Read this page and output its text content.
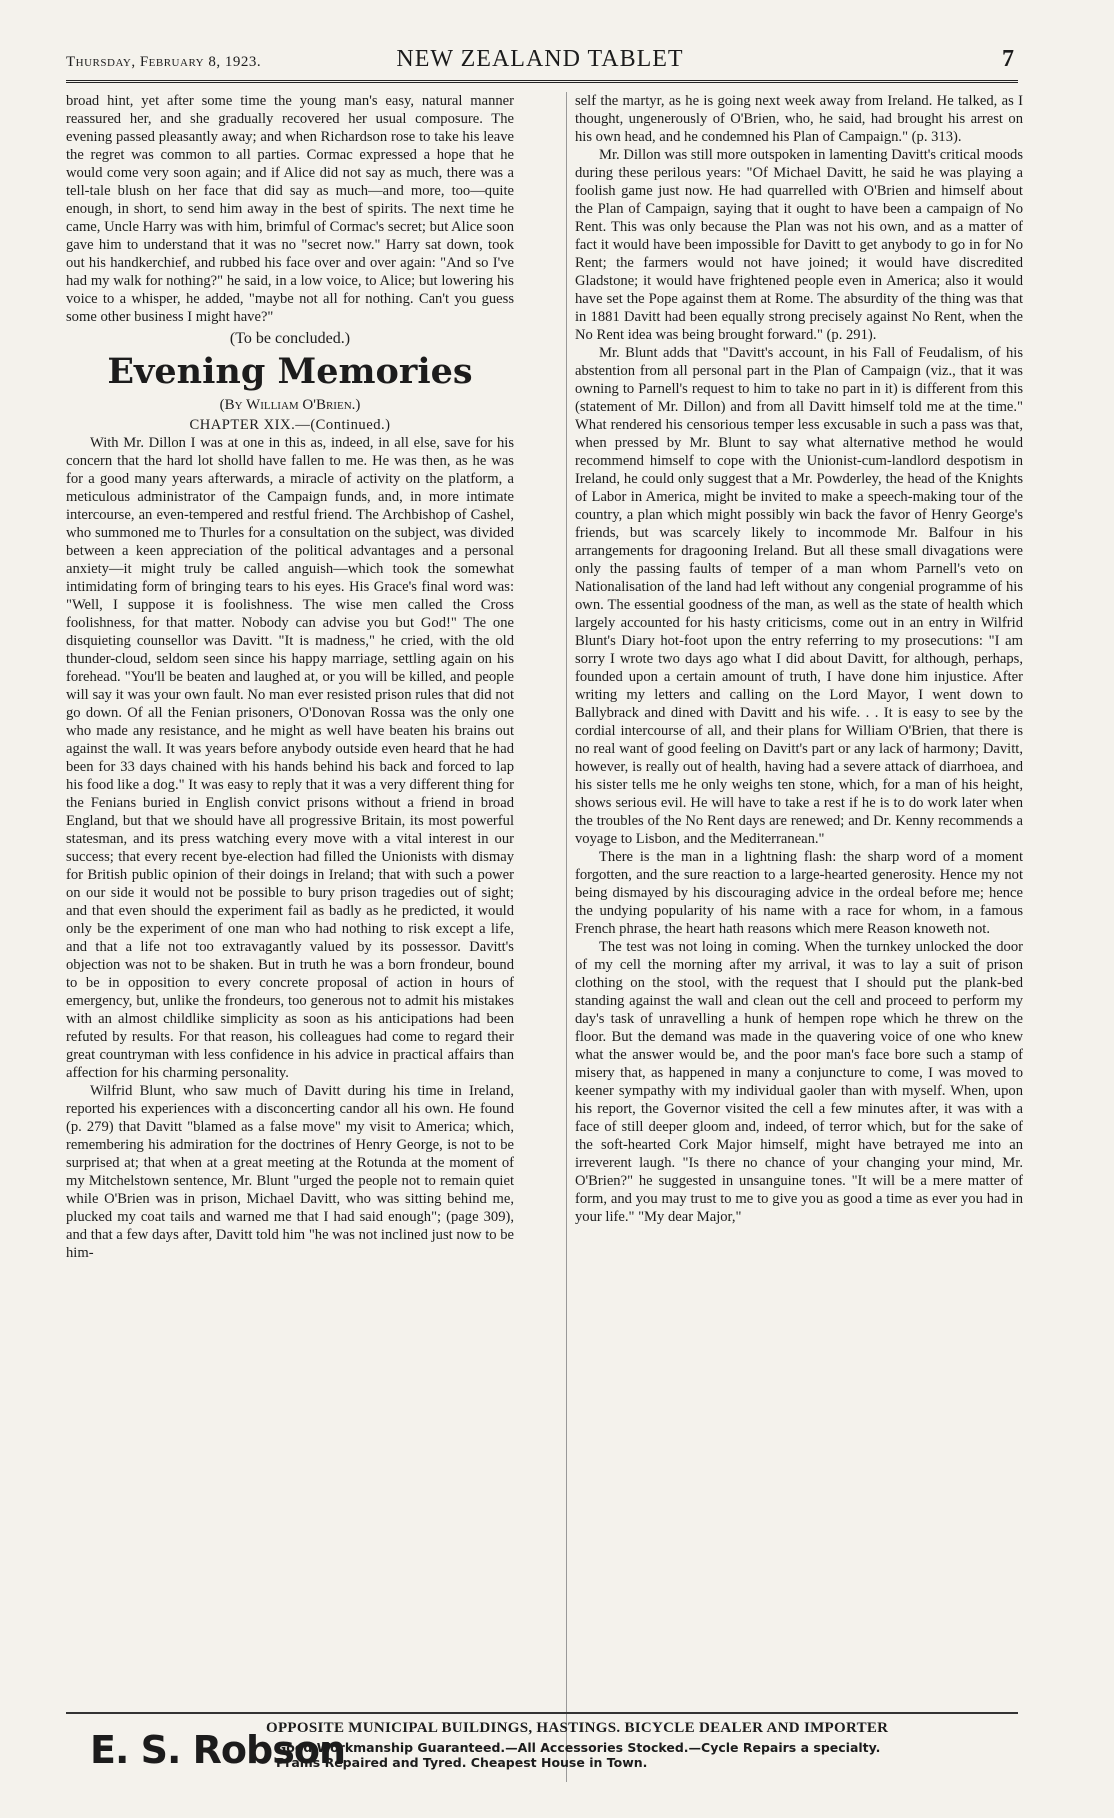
Thursday, February 8, 1923.	NEW ZEALAND TABLET	7

broad hint, yet after some time the young man's easy, natural manner reassured her, and she gradually recovered her usual composure. The evening passed pleasantly away; and when Richardson rose to take his leave the regret was common to all parties. Cormac expressed a hope that he would come very soon again; and if Alice did not say as much, there was a tell-tale blush on her face that did say as much—and more, too—quite enough, in short, to send him away in the best of spirits. The next time he came, Uncle Harry was with him, brimful of Cormac's secret; but Alice soon gave him to understand that it was no "secret now." Harry sat down, took out his handkerchief, and rubbed his face over and over again: "And so I've had my walk for nothing?" he said, in a low voice, to Alice; but lowering his voice to a whisper, he added, "maybe not all for nothing. Can't you guess some other business I might have?"

(To be concluded.)
Evening Memories
(By William O'Brien.)
CHAPTER XIX.—(Continued.)

With Mr. Dillon I was at one in this as, indeed, in all else, save for his concern that the hard lot sholld have fallen to me. He was then, as he was for a good many years afterwards, a miracle of activity on the platform, a meticulous administrator of the Campaign funds, and, in more intimate intercourse, an even-tempered and restful friend. The Archbishop of Cashel, who summoned me to Thurles for a consultation on the subject, was divided between a keen appreciation of the political advantages and a personal anxiety—it might truly be called anguish—which took the somewhat intimidating form of bringing tears to his eyes. His Grace's final word was: "Well, I suppose it is foolishness. The wise men called the Cross foolishness, for that matter. Nobody can advise you but God!" The one disquieting counsellor was Davitt. "It is madness," he cried, with the old thunder-cloud, seldom seen since his happy marriage, settling again on his forehead. "You'll be beaten and laughed at, or you will be killed, and people will say it was your own fault. No man ever resisted prison rules that did not go down. Of all the Fenian prisoners, O'Donovan Rossa was the only one who made any resistance, and he might as well have beaten his brains out against the wall. It was years before anybody outside even heard that he had been for 33 days chained with his hands behind his back and forced to lap his food like a dog." It was easy to reply that it was a very different thing for the Fenians buried in English convict prisons without a friend in broad England, but that we should have all progressive Britain, its most powerful statesman, and its press watching every move with a vital interest in our success; that every recent bye-election had filled the Unionists with dismay for British public opinion of their doings in Ireland; that with such a power on our side it would not be possible to bury prison tragedies out of sight; and that even should the experiment fail as badly as he predicted, it would only be the experiment of one man who had nothing to risk except a life, and that a life not too extravagantly valued by its possessor. Davitt's objection was not to be shaken. But in truth he was a born frondeur, bound to be in opposition to every concrete proposal of action in hours of emergency, but, unlike the frondeurs, too generous not to admit his mistakes with an almost childlike simplicity as soon as his anticipations had been refuted by results. For that reason, his colleagues had come to regard their great countryman with less confidence in his advice in practical affairs than affection for his charming personality.

Wilfrid Blunt, who saw much of Davitt during his time in Ireland, reported his experiences with a disconcerting candor all his own. He found (p. 279) that Davitt "blamed as a false move" my visit to America; which, remembering his admiration for the doctrines of Henry George, is not to be surprised at; that when at a great meeting at the Rotunda at the moment of my Mitchelstown sentence, Mr. Blunt "urged the people not to remain quiet while O'Brien was in prison, Michael Davitt, who was sitting behind me, plucked my coat tails and warned me that I had said enough"; (page 309), and that a few days after, Davitt told him "he was not inclined just now to be him-

self the martyr, as he is going next week away from Ireland. He talked, as I thought, ungenerously of O'Brien, who, he said, had brought his arrest on his own head, and he condemned his Plan of Campaign." (p. 313).

Mr. Dillon was still more outspoken in lamenting Davitt's critical moods during these perilous years: "Of Michael Davitt, he said he was playing a foolish game just now. He had quarrelled with O'Brien and himself about the Plan of Campaign, saying that it ought to have been a campaign of No Rent. This was only because the Plan was not his own, and as a matter of fact it would have been impossible for Davitt to get anybody to go in for No Rent; the farmers would not have joined; it would have discredited Gladstone; it would have frightened people even in America; also it would have set the Pope against them at Rome. The absurdity of the thing was that in 1881 Davitt had been equally strong precisely against No Rent, when the No Rent idea was being brought forward." (p. 291).

Mr. Blunt adds that "Davitt's account, in his Fall of Feudalism, of his abstention from all personal part in the Plan of Campaign (viz., that it was owning to Parnell's request to him to take no part in it) is different from this (statement of Mr. Dillon) and from all Davitt himself told me at the time." What rendered his censorious temper less excusable in such a pass was that, when pressed by Mr. Blunt to say what alternative method he would recommend himself to cope with the Unionist-cum-landlord despotism in Ireland, he could only suggest that a Mr. Powderley, the head of the Knights of Labor in America, might be invited to make a speech-making tour of the country, a plan which might possibly win back the favor of Henry George's friends, but was scarcely likely to incommode Mr. Balfour in his arrangements for dragooning Ireland. But all these small divagations were only the passing faults of temper of a man whom Parnell's veto on Nationalisation of the land had left without any congenial programme of his own. The essential goodness of the man, as well as the state of health which largely accounted for his hasty criticisms, come out in an entry in Wilfrid Blunt's Diary hot-foot upon the entry referring to my prosecutions: "I am sorry I wrote two days ago what I did about Davitt, for although, perhaps, founded upon a certain amount of truth, I have done him injustice. After writing my letters and calling on the Lord Mayor, I went down to Ballybrack and dined with Davitt and his wife. . . It is easy to see by the cordial intercourse of all, and their plans for William O'Brien, that there is no real want of good feeling on Davitt's part or any lack of harmony; Davitt, however, is really out of health, having had a severe attack of diarrhoea, and his sister tells me he only weighs ten stone, which, for a man of his height, shows serious evil. He will have to take a rest if he is to do work later when the troubles of the No Rent days are renewed; and Dr. Kenny recommends a voyage to Lisbon, and the Mediterranean."

There is the man in a lightning flash: the sharp word of a moment forgotten, and the sure reaction to a large-hearted generosity. Hence my not being dismayed by his discouraging advice in the ordeal before me; hence the undying popularity of his name with a race for whom, in a famous French phrase, the heart hath reasons which mere Reason knoweth not.

The test was not loing in coming. When the turnkey unlocked the door of my cell the morning after my arrival, it was to lay a suit of prison clothing on the stool, with the request that I should put the plank-bed standing against the wall and clean out the cell and proceed to perform my day's task of unravelling a hunk of hempen rope which he threw on the floor. But the demand was made in the quavering voice of one who knew what the answer would be, and the poor man's face bore such a stamp of misery that, as happened in many a conjuncture to come, I was moved to keener sympathy with my individual gaoler than with myself. When, upon his report, the Governor visited the cell a few minutes after, it was with a face of still deeper gloom and, indeed, of terror which, but for the sake of the soft-hearted Cork Major himself, might have betrayed me into an irreverent laugh. "Is there no chance of your changing your mind, Mr. O'Brien?" he suggested in unsanguine tones. "It will be a mere matter of form, and you may trust to me to give you as good a time as ever you had in your life." "My dear Major,"

E. S. Robson
OPPOSITE MUNICIPAL BUILDINGS, HASTINGS. BICYCLE DEALER AND IMPORTER
Good Workmanship Guaranteed.—All Accessories Stocked.—Cycle Repairs a specialty.
Prams Repaired and Tyred. Cheapest House in Town.
